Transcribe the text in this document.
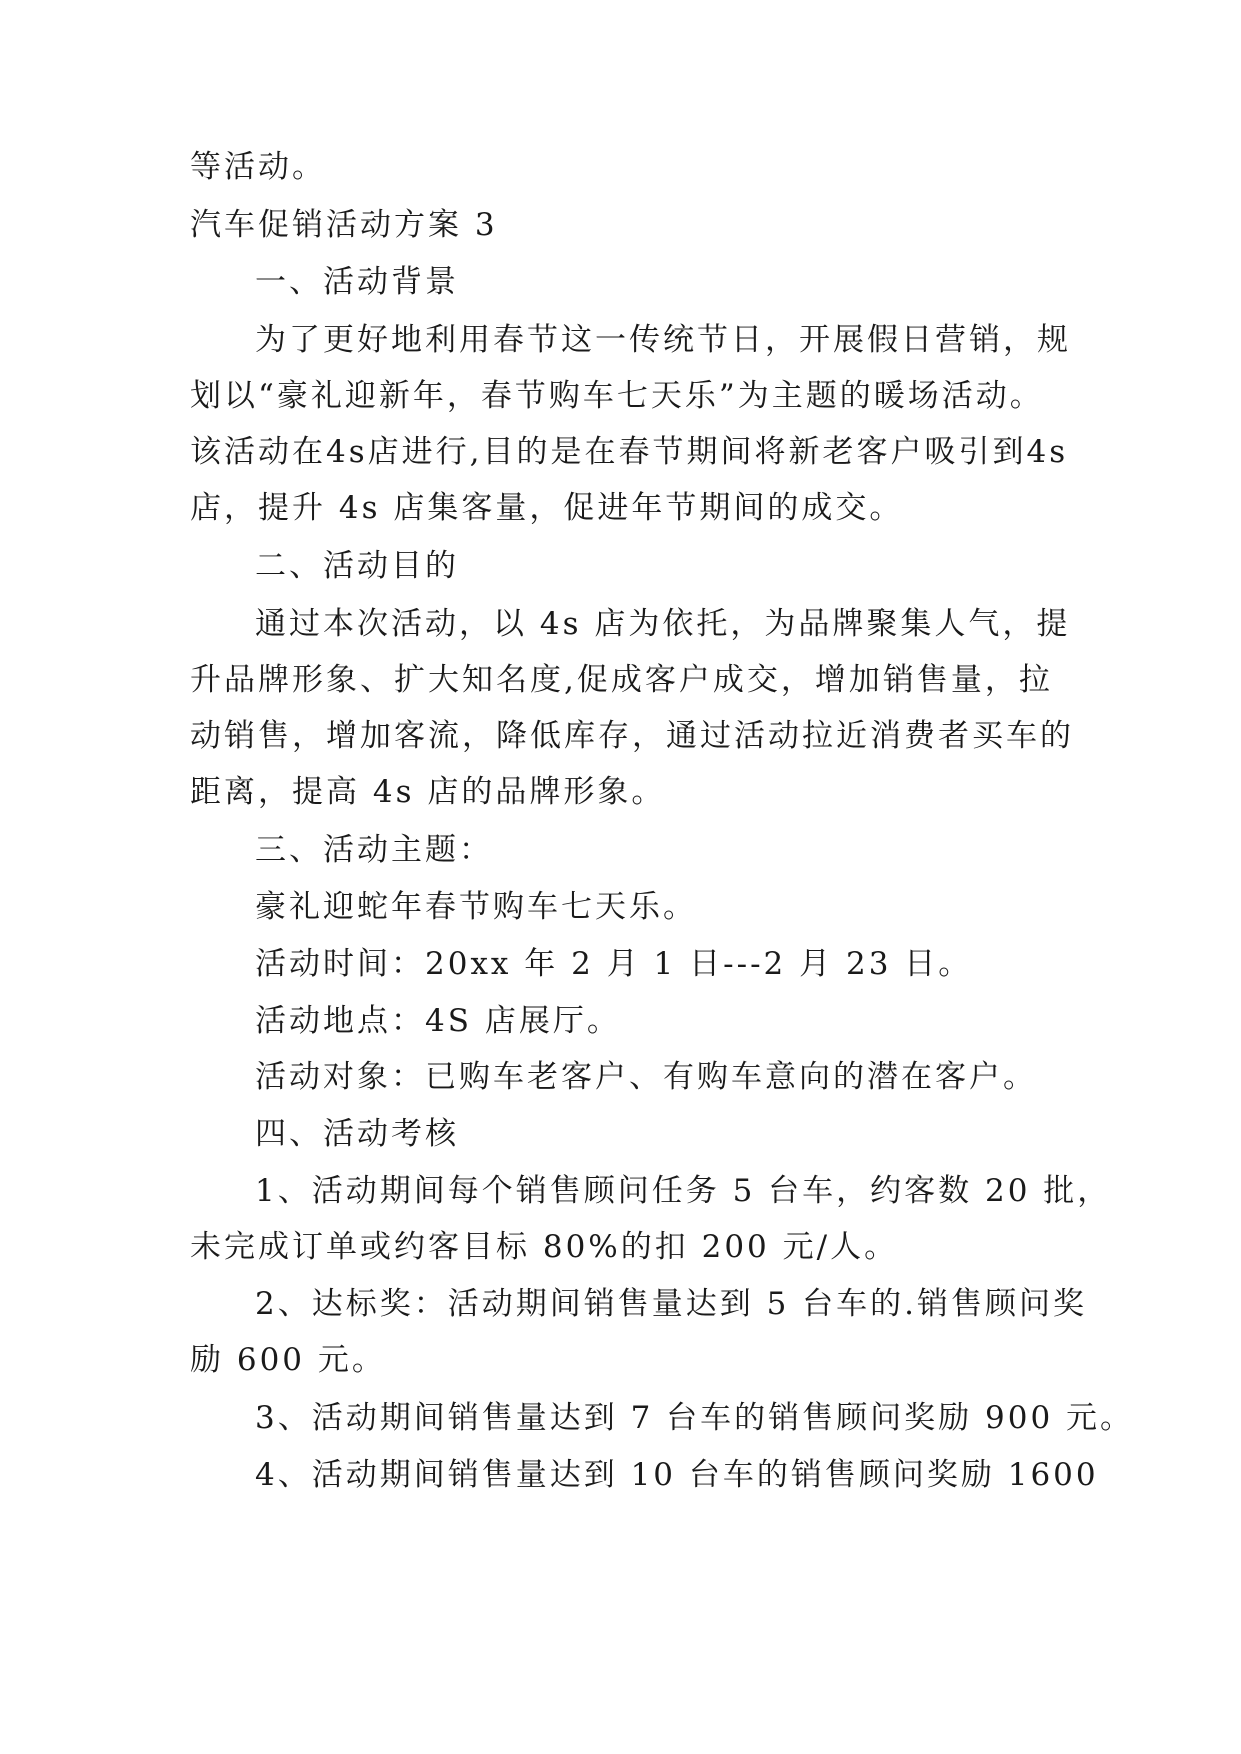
等活动。
汽车促销活动方案 3
一、活动背景
为了更好地利用春节这一传统节日，开展假日营销，规
划以“豪礼迎新年，春节购车七天乐”为主题的暖场活动。
该活动在4s店进行,目的是在春节期间将新老客户吸引到4s
店，提升 4s 店集客量，促进年节期间的成交。
二、活动目的
通过本次活动，以 4s 店为依托，为品牌聚集人气，提
升品牌形象、扩大知名度,促成客户成交，增加销售量，拉
动销售，增加客流，降低库存，通过活动拉近消费者买车的
距离，提高 4s 店的品牌形象。
三、活动主题：
豪礼迎蛇年春节购车七天乐。
活动时间：20xx 年 2 月 1 日---2 月 23 日。
活动地点：4S 店展厅。
活动对象：已购车老客户、有购车意向的潜在客户。
四、活动考核
1、活动期间每个销售顾问任务 5 台车，约客数 20 批，
未完成订单或约客目标 80%的扣 200 元/人。
2、达标奖：活动期间销售量达到 5 台车的.销售顾问奖
励 600 元。
3、活动期间销售量达到 7 台车的销售顾问奖励 900 元。
4、活动期间销售量达到 10 台车的销售顾问奖励 1600
